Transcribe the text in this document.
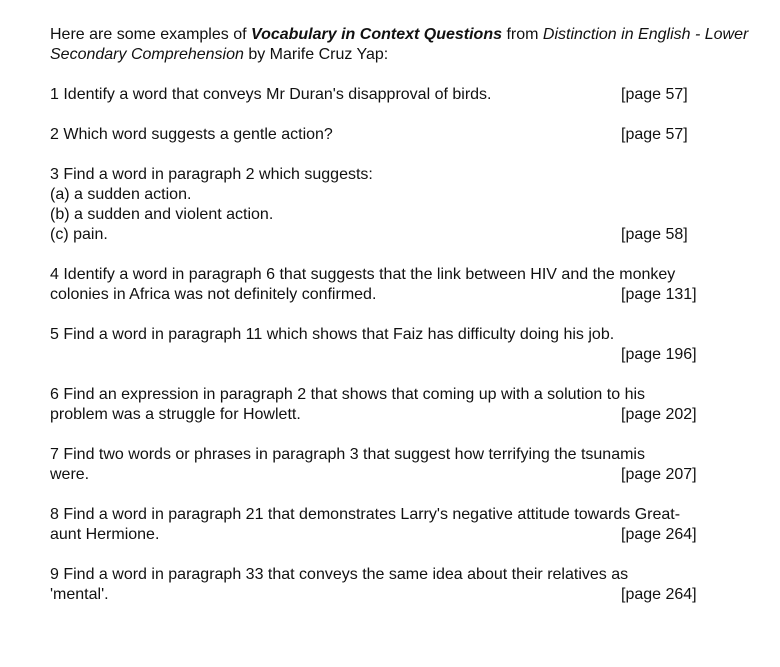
Here are some examples of Vocabulary in Context Questions from Distinction in English - Lower Secondary Comprehension by Marife Cruz Yap:

1 Identify a word that conveys Mr Duran's disapproval of birds.	[page 57]
2 Which word suggests a gentle action?	[page 57]
3 Find a word in paragraph 2 which suggests:
(a) a sudden action.
(b) a sudden and violent action.
(c) pain.	[page 58]
4 Identify a word in paragraph 6 that suggests that the link between HIV and the monkey
colonies in Africa was not definitely confirmed.	[page 131]
5 Find a word in paragraph 11 which shows that Faiz has difficulty doing his job.
[page 196]
6 Find an expression in paragraph 2 that shows that coming up with a solution to his
problem was a struggle for Howlett.	[page 202]
7 Find two words or phrases in paragraph 3 that suggest how terrifying the tsunamis
were.	[page 207]
8 Find a word in paragraph 21 that demonstrates Larry's negative attitude towards Great-
aunt Hermione.	[page 264]
9 Find a word in paragraph 33 that conveys the same idea about their relatives as
'mental'.	[page 264]
